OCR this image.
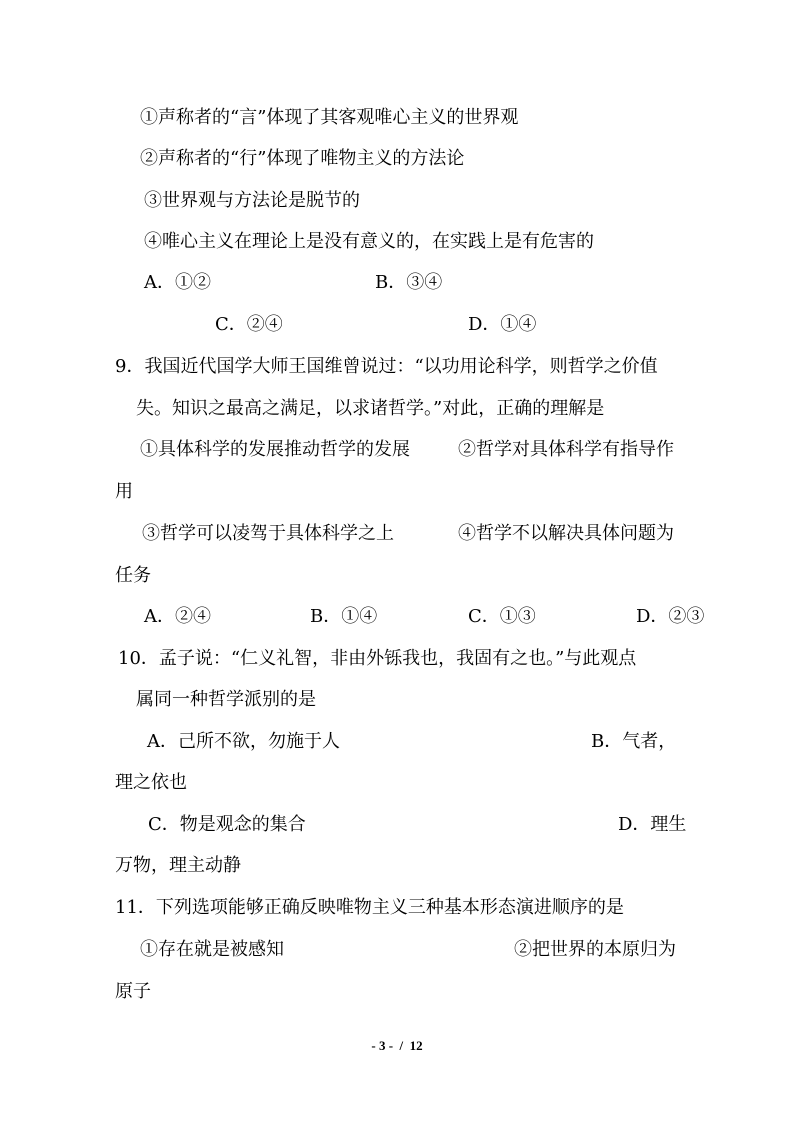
①声称者的“言”体现了其客观唯心主义的世界观
②声称者的“行”体现了唯物主义的方法论
③世界观与方法论是脱节的
④唯心主义在理论上是没有意义的，在实践上是有危害的
A．①②	B．③④
C．②④	D．①④
9．我国近代国学大师王国维曾说过：“以功用论科学，则哲学之价值
失。知识之最高之满足，以求诸哲学。”对此，正确的理解是
①具体科学的发展推动哲学的发展	②哲学对具体科学有指导作
用
③哲学可以凌驾于具体科学之上	④哲学不以解决具体问题为
任务
A．②④	B．①④	C．①③	D．②③
10．孟子说：“仁义礼智，非由外铄我也，我固有之也。”与此观点
属同一种哲学派别的是
A．己所不欲，勿施于人	B．气者，
理之依也
C．物是观念的集合	D．理生
万物，理主动静
11．下列选项能够正确反映唯物主义三种基本形态演进顺序的是
①存在就是被感知	②把世界的本原归为
原子
- 3 -  /  12
